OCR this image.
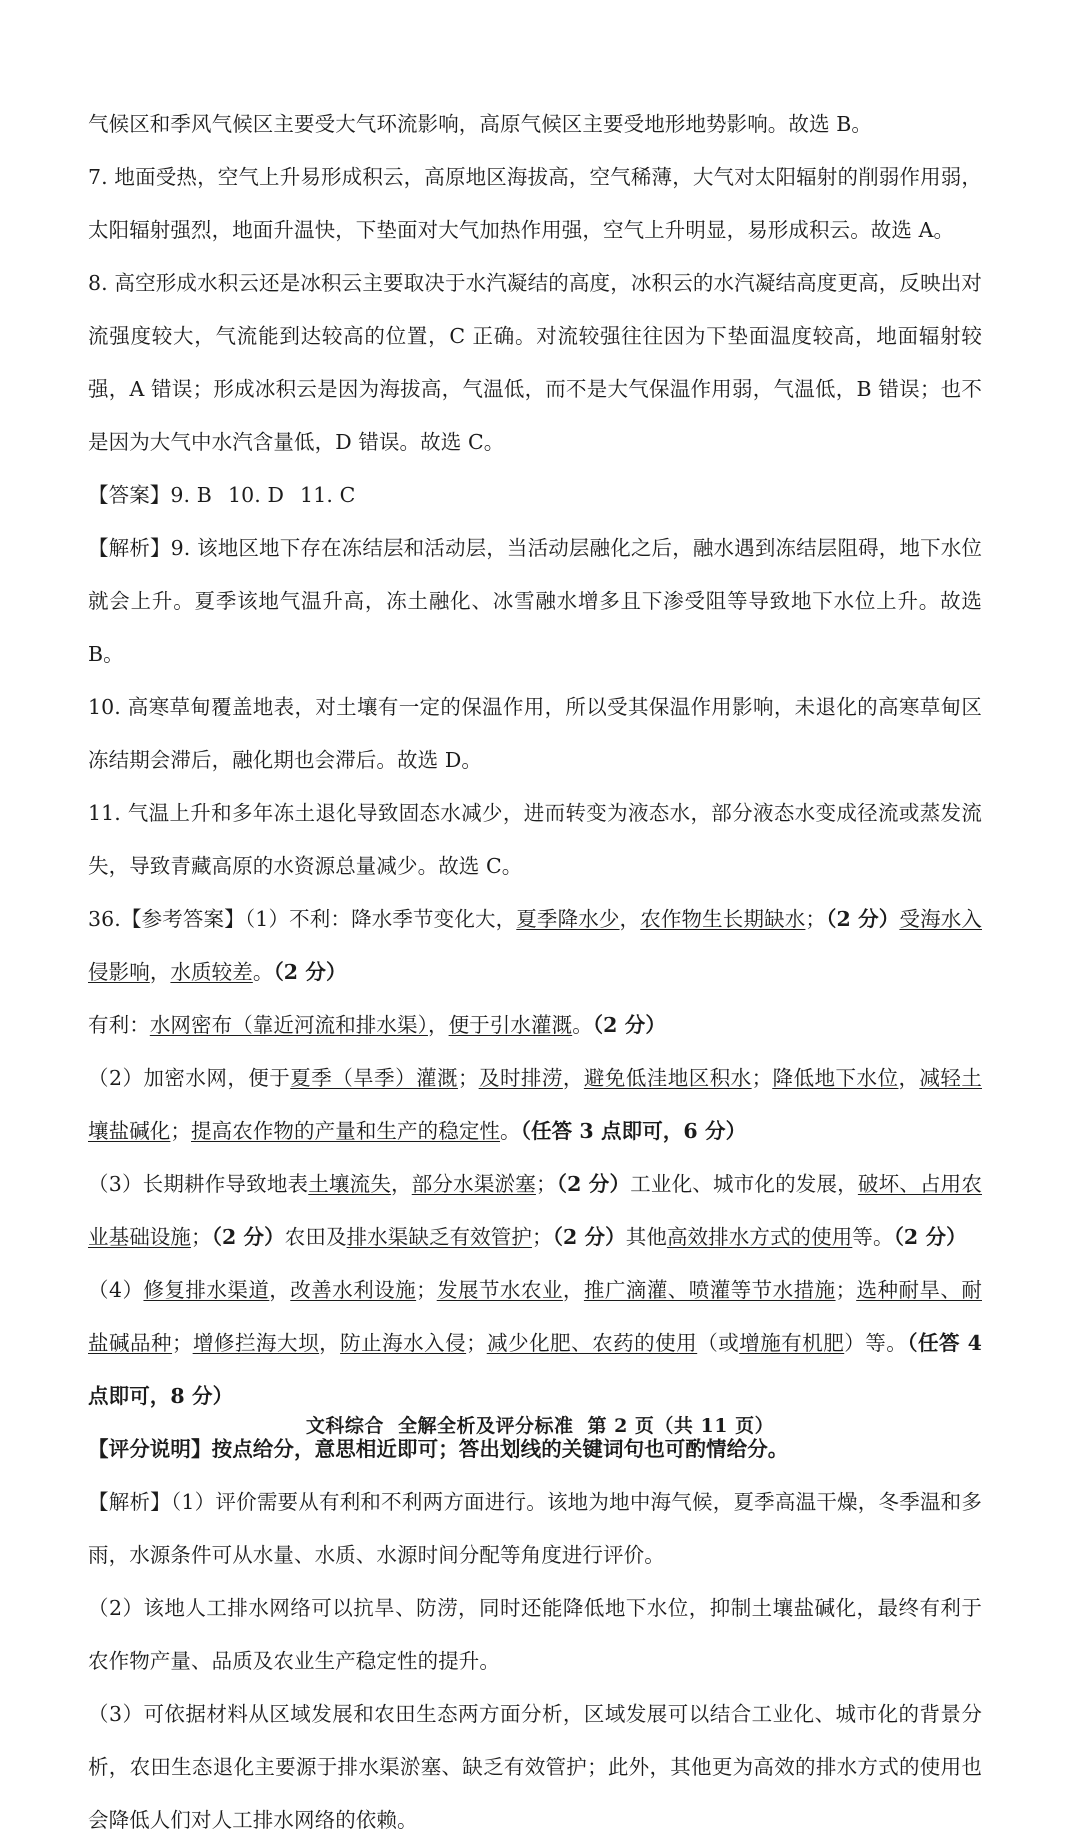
气候区和季风气候区主要受大气环流影响，高原气候区主要受地形地势影响。故选 B。

7. 地面受热，空气上升易形成积云，高原地区海拔高，空气稀薄，大气对太阳辐射的削弱作用弱，太阳辐射强烈，地面升温快，下垫面对大气加热作用强，空气上升明显，易形成积云。故选 A。

8. 高空形成水积云还是冰积云主要取决于水汽凝结的高度，冰积云的水汽凝结高度更高，反映出对流强度较大，气流能到达较高的位置，C 正确。对流较强往往因为下垫面温度较高，地面辐射较强，A 错误；形成冰积云是因为海拔高，气温低，而不是大气保温作用弱，气温低，B 错误；也不是因为大气中水汽含量低，D 错误。故选 C。

【答案】9. B 10. D 11. C

【解析】9. 该地区地下存在冻结层和活动层，当活动层融化之后，融水遇到冻结层阻碍，地下水位就会上升。夏季该地气温升高，冻土融化、冰雪融水增多且下渗受阻等导致地下水位上升。故选 B。

10. 高寒草甸覆盖地表，对土壤有一定的保温作用，所以受其保温作用影响，未退化的高寒草甸区冻结期会滞后，融化期也会滞后。故选 D。

11. 气温上升和多年冻土退化导致固态水减少，进而转变为液态水，部分液态水变成径流或蒸发流失，导致青藏高原的水资源总量减少。故选 C。

36.【参考答案】（1）不利：降水季节变化大，夏季降水少，农作物生长期缺水；（2 分）受海水入侵影响，水质较差。（2 分）

有利：水网密布（靠近河流和排水渠），便于引水灌溉。（2 分）

（2）加密水网，便于夏季（旱季）灌溉；及时排涝，避免低洼地区积水；降低地下水位，减轻土壤盐碱化；提高农作物的产量和生产的稳定性。（任答 3 点即可，6 分）

（3）长期耕作导致地表土壤流失，部分水渠淤塞；（2 分）工业化、城市化的发展，破坏、占用农业基础设施；（2 分）农田及排水渠缺乏有效管护；（2 分）其他高效排水方式的使用等。（2 分）

（4）修复排水渠道，改善水利设施；发展节水农业，推广滴灌、喷灌等节水措施；选种耐旱、耐盐碱品种；增修拦海大坝，防止海水入侵；减少化肥、农药的使用（或增施有机肥）等。（任答 4 点即可，8 分）

【评分说明】按点给分，意思相近即可；答出划线的关键词句也可酌情给分。

【解析】（1）评价需要从有利和不利两方面进行。该地为地中海气候，夏季高温干燥，冬季温和多雨，水源条件可从水量、水质、水源时间分配等角度进行评价。

（2）该地人工排水网络可以抗旱、防涝，同时还能降低地下水位，抑制土壤盐碱化，最终有利于农作物产量、品质及农业生产稳定性的提升。

（3）可依据材料从区域发展和农田生态两方面分析，区域发展可以结合工业化、城市化的背景分析，农田生态退化主要源于排水渠淤塞、缺乏有效管护；此外，其他更为高效的排水方式的使用也会降低人们对人工排水网络的依赖。

文科综合 全解全析及评分标准 第 2 页（共 11 页）
